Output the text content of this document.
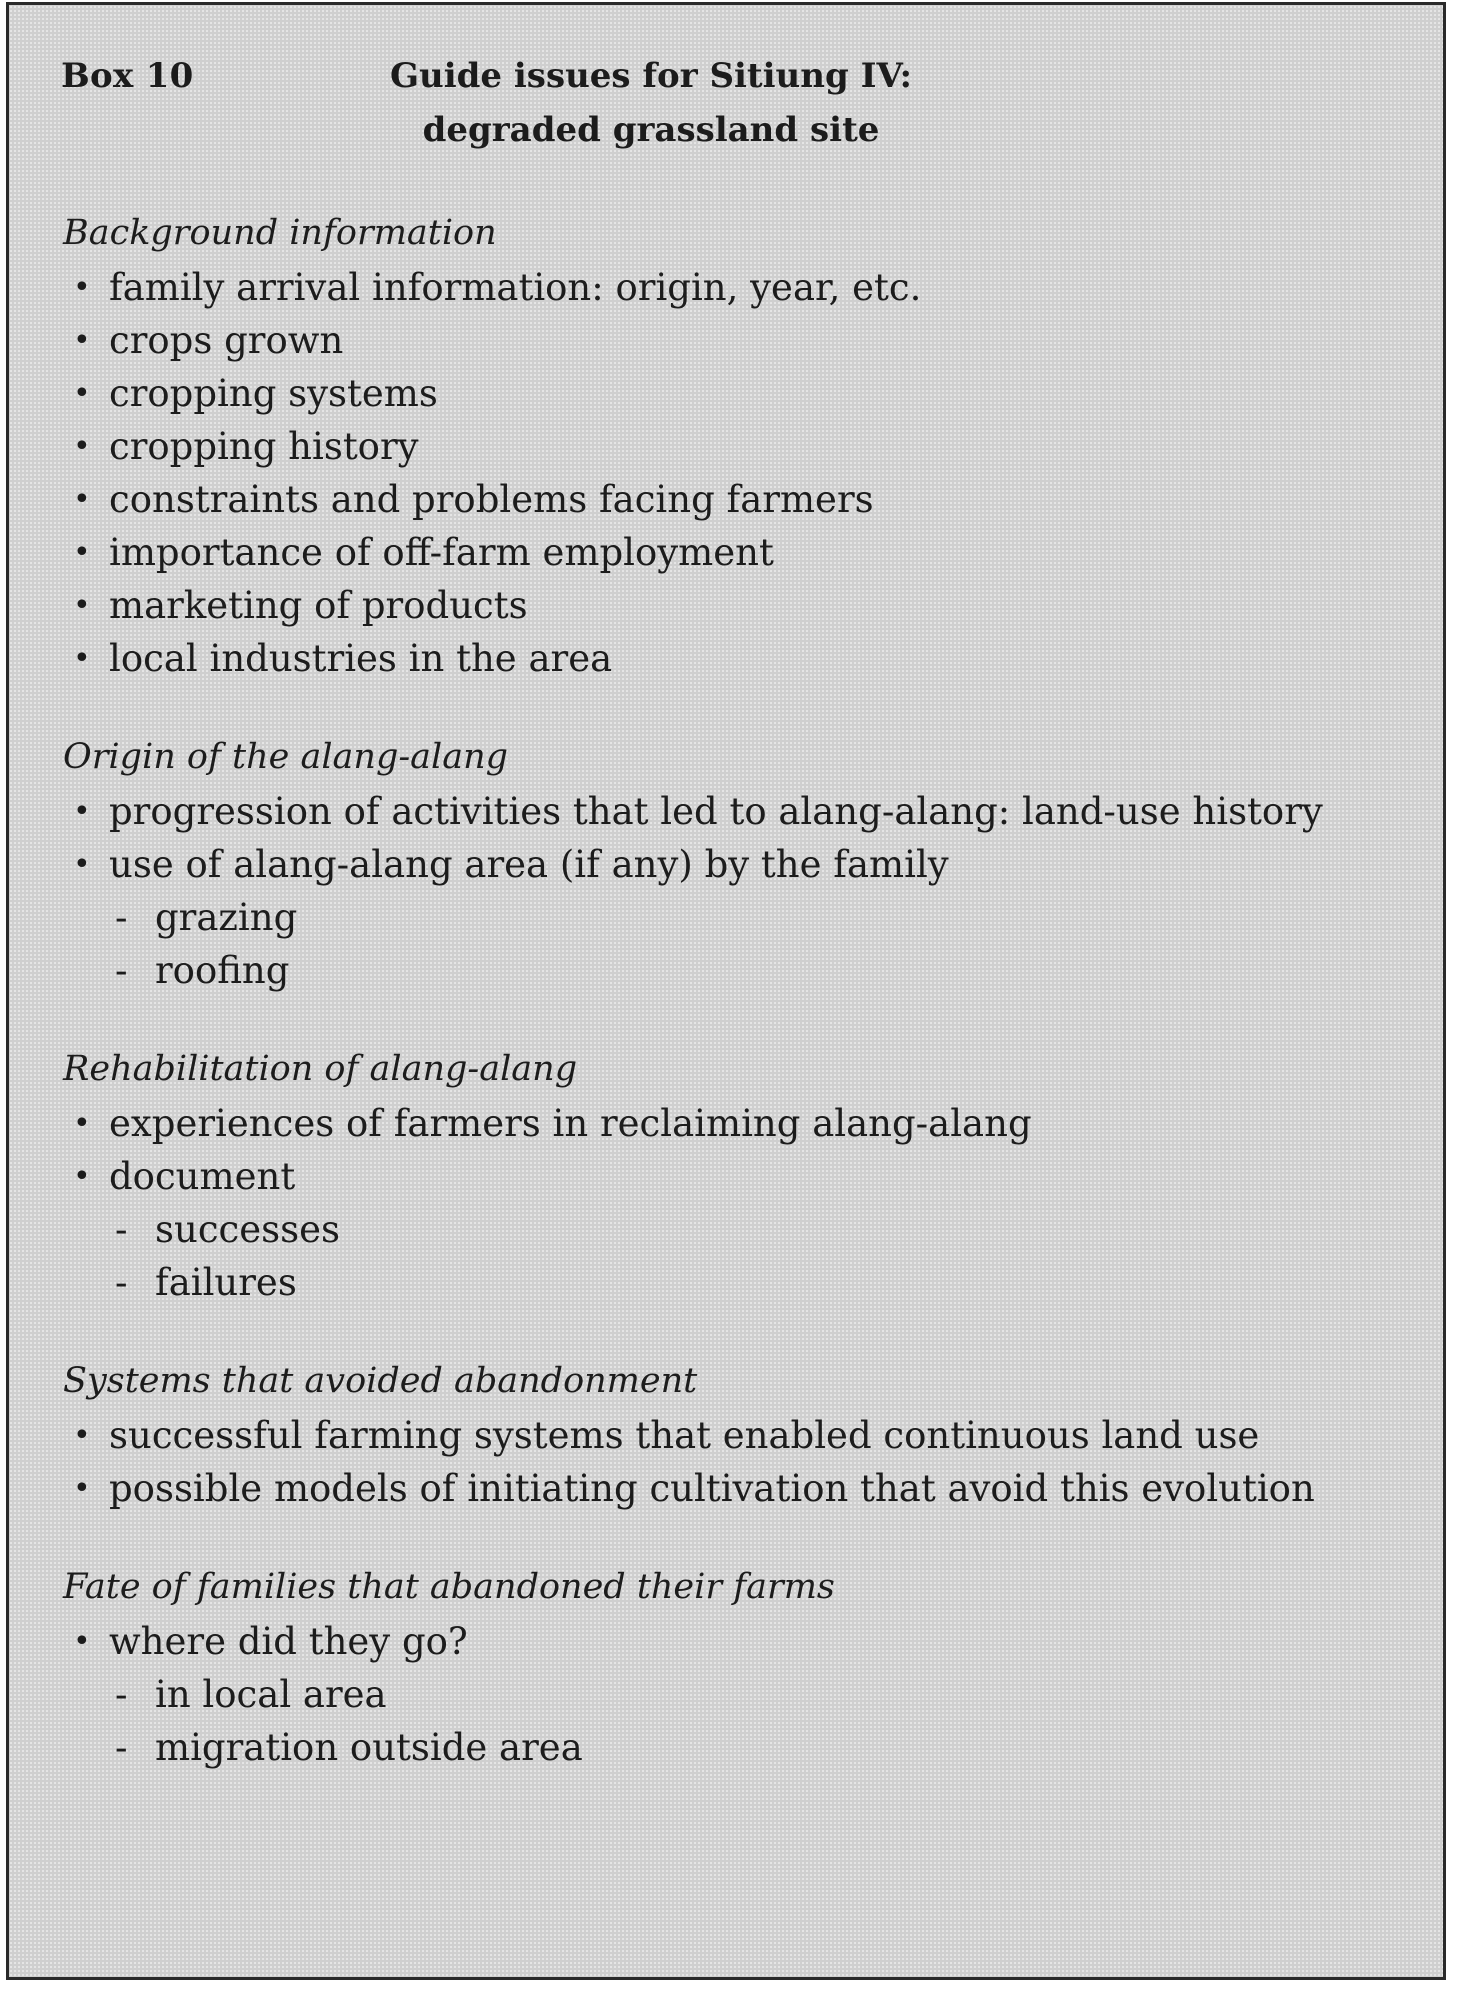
Box 10	Guide issues for Sitiung IV:
degraded grassland site
Background information
• family arrival information: origin, year, etc.
• crops grown
• cropping systems
• cropping history
• constraints and problems facing farmers
• importance of off-farm employment
• marketing of products
• local industries in the area
Origin of the alang-alang
• progression of activities that led to alang-alang: land-use history
• use of alang-alang area (if any) by the family
- grazing
- roofing
Rehabilitation of alang-alang
• experiences of farmers in reclaiming alang-alang
• document
- successes
- failures
Systems that avoided abandonment
• successful farming systems that enabled continuous land use
• possible models of initiating cultivation that avoid this evolution
Fate of families that abandoned their farms
• where did they go?
- in local area
- migration outside area
